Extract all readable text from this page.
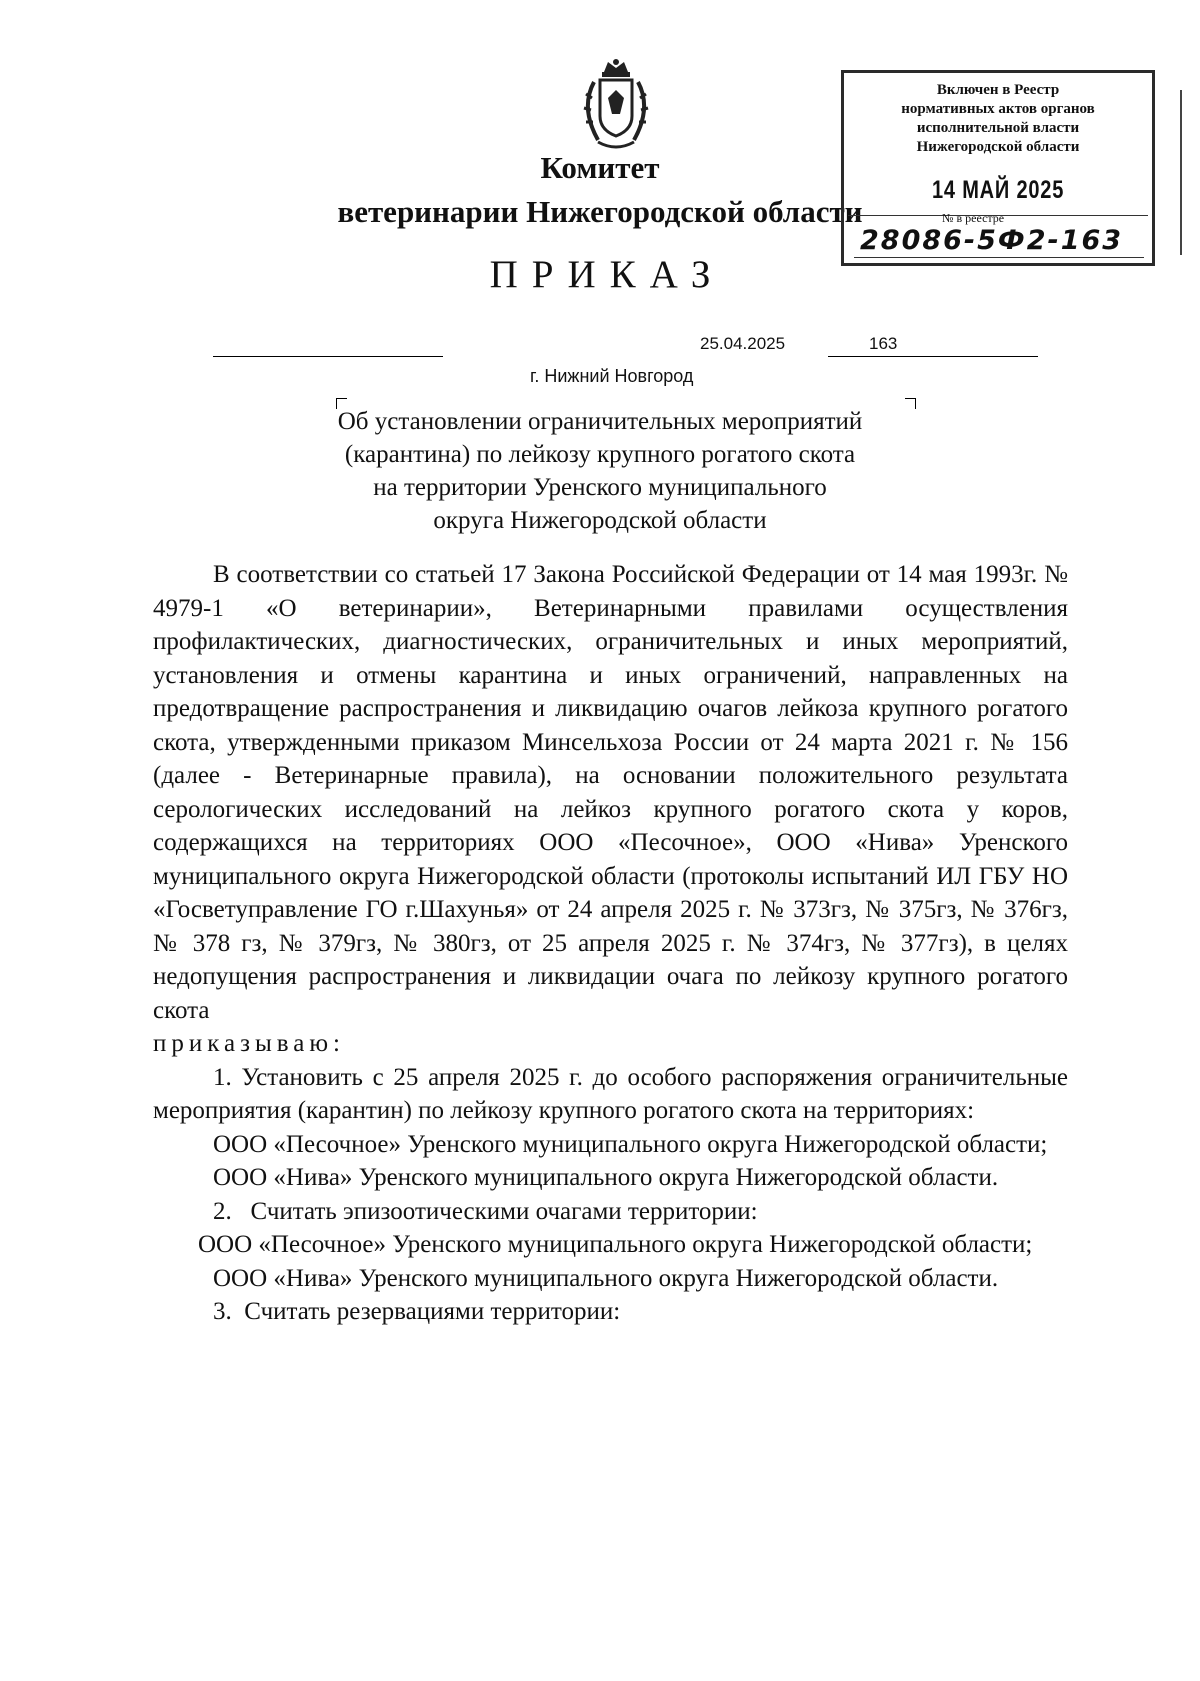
Комитет
ветеринарии Нижегородской области
ПРИКАЗ
Включен в Реестр
нормативных актов органов
исполнительной власти
Нижегородской области
14 МАЙ 2025
№ в реестре
28086-5Ф2-163
25.04.2025	163
г. Нижний Новгород
Об установлении ограничительных мероприятий
(карантина) по лейкозу крупного рогатого скота
на территории Уренского муниципального
округа Нижегородской области

В соответствии со статьей 17 Закона Российской Федерации от 14 мая 1993г. № 4979-1 «О ветеринарии», Ветеринарными правилами осуществления профилактических, диагностических, ограничительных и иных мероприятий, установления и отмены карантина и иных ограничений, направленных на предотвращение распространения и ликвидацию очагов лейкоза крупного рогатого скота, утвержденными приказом Минсельхоза России от 24 марта 2021 г. № 156 (далее - Ветеринарные правила), на основании положительного результата серологических исследований на лейкоз крупного рогатого скота у коров, содержащихся на территориях ООО «Песочное», ООО «Нива» Уренского муниципального округа Нижегородской области (протоколы испытаний ИЛ ГБУ НО «Госветуправление ГО г.Шахунья» от 24 апреля 2025 г. № 373гз, № 375гз, № 376гз, № 378 гз, № 379гз, № 380гз, от 25 апреля 2025 г. № 374гз, № 377гз), в целях недопущения распространения и ликвидации очага по лейкозу крупного рогатого скота

приказываю:

1. Установить с 25 апреля 2025 г. до особого распоряжения ограничительные мероприятия (карантин) по лейкозу крупного рогатого скота на территориях:

ООО «Песочное» Уренского муниципального округа Нижегородской области;

ООО «Нива» Уренского муниципального округа Нижегородской области.

2.   Считать эпизоотическими очагами территории:

ООО «Песочное» Уренского муниципального округа Нижегородской области;

ООО «Нива» Уренского муниципального округа Нижегородской области.

3.  Считать резервациями территории:
